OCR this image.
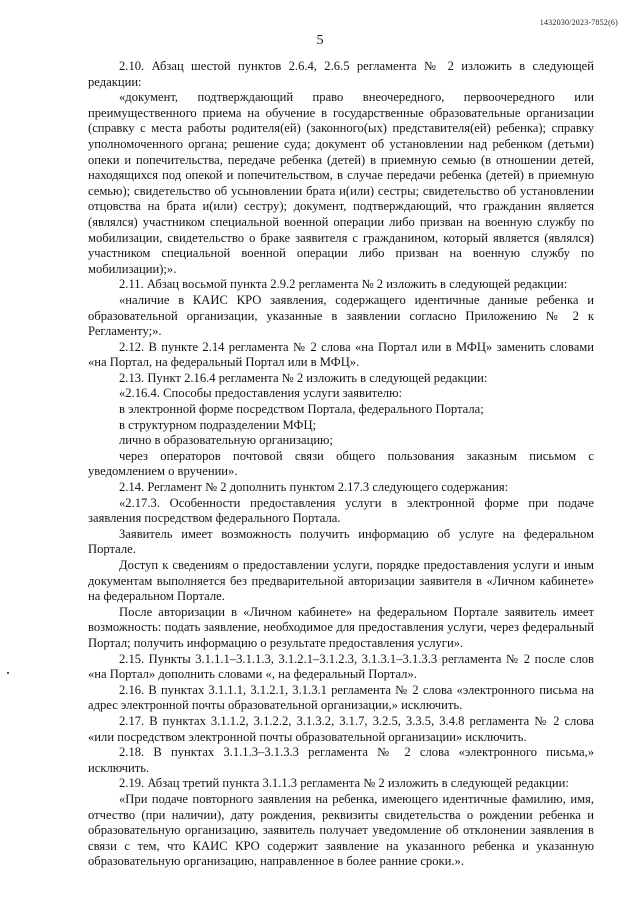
1432030/2023-7852(6)
5

2.10. Абзац шестой пунктов 2.6.4, 2.6.5 регламента № 2 изложить в следующей редакции:

«документ, подтверждающий право внеочередного, первоочередного или преимущественного приема на обучение в государственные образовательные организации (справку с места работы родителя(ей) (законного(ых) представителя(ей) ребенка); справку уполномоченного органа; решение суда; документ об установлении над ребенком (детьми) опеки и попечительства, передаче ребенка (детей) в приемную семью (в отношении детей, находящихся под опекой и попечительством, в случае передачи ребенка (детей) в приемную семью); свидетельство об усыновлении брата и(или) сестры; свидетельство об установлении отцовства на брата и(или) сестру); документ, подтверждающий, что гражданин является (являлся) участником специальной военной операции либо призван на военную службу по мобилизации, свидетельство о браке заявителя с гражданином, который является (являлся) участником специальной военной операции либо призван на военную службу по мобилизации);».

2.11. Абзац восьмой пункта 2.9.2 регламента № 2 изложить в следующей редакции:

«наличие в КАИС КРО заявления, содержащего идентичные данные ребенка и образовательной организации, указанные в заявлении согласно Приложению № 2 к Регламенту;».

2.12. В пункте 2.14 регламента № 2 слова «на Портал или в МФЦ» заменить словами «на Портал, на федеральный Портал или в МФЦ».

2.13. Пункт 2.16.4 регламента № 2 изложить в следующей редакции:

«2.16.4. Способы предоставления услуги заявителю:

в электронной форме посредством Портала, федерального Портала;

в структурном подразделении МФЦ;

лично в образовательную организацию;

через операторов почтовой связи общего пользования заказным письмом с уведомлением о вручении».

2.14. Регламент № 2 дополнить пунктом 2.17.3 следующего содержания:

«2.17.3. Особенности предоставления услуги в электронной форме при подаче заявления посредством федерального Портала.

Заявитель имеет возможность получить информацию об услуге на федеральном Портале.

Доступ к сведениям о предоставлении услуги, порядке предоставления услуги и иным документам выполняется без предварительной авторизации заявителя в «Личном кабинете» на федеральном Портале.

После авторизации в «Личном кабинете» на федеральном Портале заявитель имеет возможность: подать заявление, необходимое для предоставления услуги, через федеральный Портал; получить информацию о результате предоставления услуги».

2.15. Пункты 3.1.1.1–3.1.1.3, 3.1.2.1–3.1.2.3, 3.1.3.1–3.1.3.3 регламента № 2 после слов «на Портал» дополнить словами «, на федеральный Портал».

2.16. В пунктах 3.1.1.1, 3.1.2.1, 3.1.3.1 регламента № 2 слова «электронного письма на адрес электронной почты образовательной организации,» исключить.

2.17. В пунктах 3.1.1.2, 3.1.2.2, 3.1.3.2, 3.1.7, 3.2.5, 3.3.5, 3.4.8 регламента № 2 слова «или посредством электронной почты образовательной организации» исключить.

2.18. В пунктах 3.1.1.3–3.1.3.3 регламента № 2 слова «электронного письма,» исключить.

2.19. Абзац третий пункта 3.1.1.3 регламента № 2 изложить в следующей редакции:

«При подаче повторного заявления на ребенка, имеющего идентичные фамилию, имя, отчество (при наличии), дату рождения, реквизиты свидетельства о рождении ребенка и образовательную организацию, заявитель получает уведомление об отклонении заявления в связи с тем, что КАИС КРО содержит заявление на указанного ребенка и указанную образовательную организацию, направленное в более ранние сроки.».
